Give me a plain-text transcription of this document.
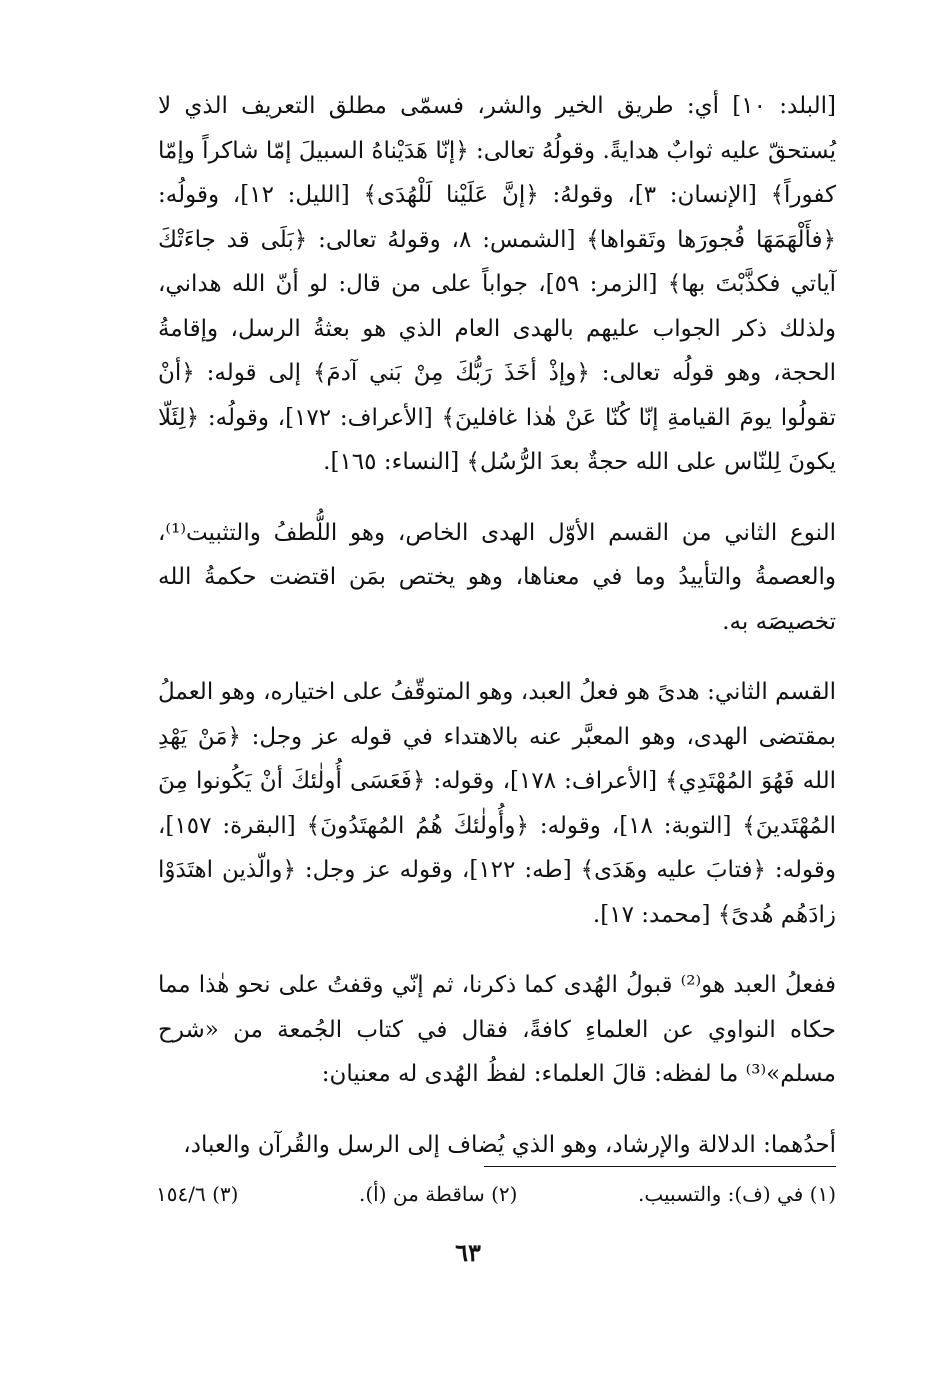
[البلد: ١٠] أي: طريق الخير والشر، فسمّى مطلق التعريف الذي لا يُستحقّ عليه ثوابٌ هدايةً. وقولُهُ تعالى: ﴿إنّا هَدَيْناهُ السبيلَ إمّا شاكراً وإمّا كفوراً﴾ [الإنسان: ٣]، وقولهُ: ﴿إنَّ عَلَيْنا لَلْهُدَى﴾ [الليل: ١٢]، وقولُه: ﴿فأَلْهَمَهَا فُجورَها وتَقواها﴾ [الشمس: ٨، وقولهُ تعالى: ﴿بَلَى قد جاءَتْكَ آياتي فكذَّبْتَ بها﴾ [الزمر: ٥٩]، جواباً على من قال: لو أنّ الله هداني، ولذلك ذكر الجواب عليهم بالهدى العام الذي هو بعثةُ الرسل، وإقامةُ الحجة، وهو قولُه تعالى: ﴿وإذْ أخَذَ رَبُّكَ مِنْ بَني آدمَ﴾ إلى قوله: ﴿أنْ تقولُوا يومَ القيامةِ إنّا كُنّا عَنْ هٰذا غافلينَ﴾ [الأعراف: ١٧٢]، وقولُه: ﴿لِئَلّا يكونَ لِلنّاس على الله حجةٌ بعدَ الرُّسُل﴾ [النساء: ١٦٥].

النوع الثاني من القسم الأوّل الهدى الخاص، وهو اللُّطفُ والتثبيت⁽¹⁾، والعصمةُ والتأييدُ وما في معناها، وهو يختص بمَن اقتضت حكمةُ الله تخصيصَه به.

القسم الثاني: هدىً هو فعلُ العبد، وهو المتوقّفُ على اختياره، وهو العملُ بمقتضى الهدى، وهو المعبَّر عنه بالاهتداء في قوله عز وجل: ﴿مَنْ يَهْدِ الله فَهُوَ المُهْتَدِي﴾ [الأعراف: ١٧٨]، وقوله: ﴿فَعَسَى أُولٰئكَ أنْ يَكُونوا مِنَ المُهْتَدينَ﴾ [التوبة: ١٨]، وقوله: ﴿وأُولٰئكَ هُمُ المُهتَدُونَ﴾ [البقرة: ١٥٧]، وقوله: ﴿فتابَ عليه وهَدَى﴾ [طه: ١٢٢]، وقوله عز وجل: ﴿والّذين اهتَدَوْا زادَهُم هُدىً﴾ [محمد: ١٧].

ففعلُ العبد هو⁽²⁾ قبولُ الهُدى كما ذكرنا، ثم إنّي وقفتُ على نحو هٰذا مما حكاه النواوي عن العلماءِ كافةً، فقال في كتاب الجُمعة من «شرح مسلم»⁽³⁾ ما لفظه: قالَ العلماء: لفظُ الهُدى له معنيان:

أحدُهما: الدلالة والإرشاد، وهو الذي يُضاف إلى الرسل والقُرآن والعباد،

(١) في (ف): والتسبيب.
(٢) ساقطة من (أ).
(٣) ١٥٤/٦
٦٣
